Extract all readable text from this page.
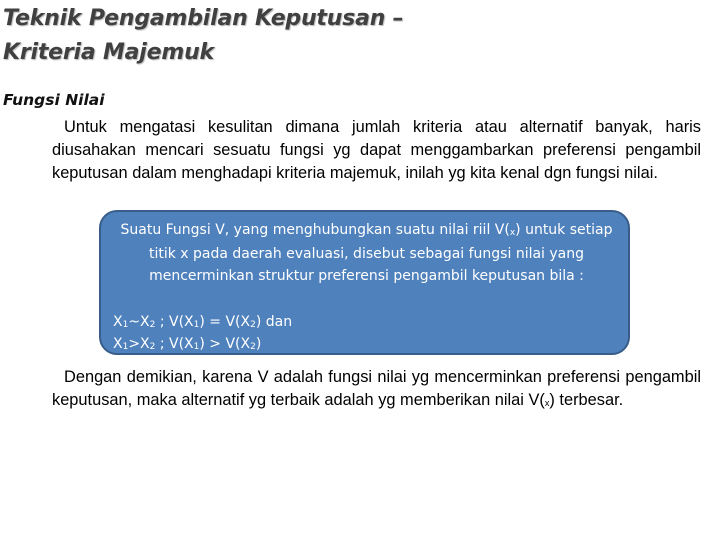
Teknik Pengambilan Keputusan –
Kriteria Majemuk
Fungsi Nilai

Untuk mengatasi kesulitan dimana jumlah kriteria atau alternatif banyak, haris diusahakan mencari sesuatu fungsi yg dapat menggambarkan preferensi pengambil keputusan dalam menghadapi kriteria majemuk, inilah yg kita kenal dgn fungsi nilai.

Suatu Fungsi V, yang menghubungkan suatu nilai riil $V(_x)$ untuk setiap titik x pada daerah evaluasi, disebut sebagai fungsi nilai yang mencerminkan struktur preferensi pengambil keputusan bila :

$X_1\sim X_2$ ; $V(X_1) = V(X_2)$ dan
$X_1>X_2$ ; $V(X_1) > V(X_2)$

Dengan demikian, karena V adalah fungsi nilai yg mencerminkan preferensi pengambil keputusan, maka alternatif yg terbaik adalah yg memberikan nilai $V(_x)$ terbesar.
